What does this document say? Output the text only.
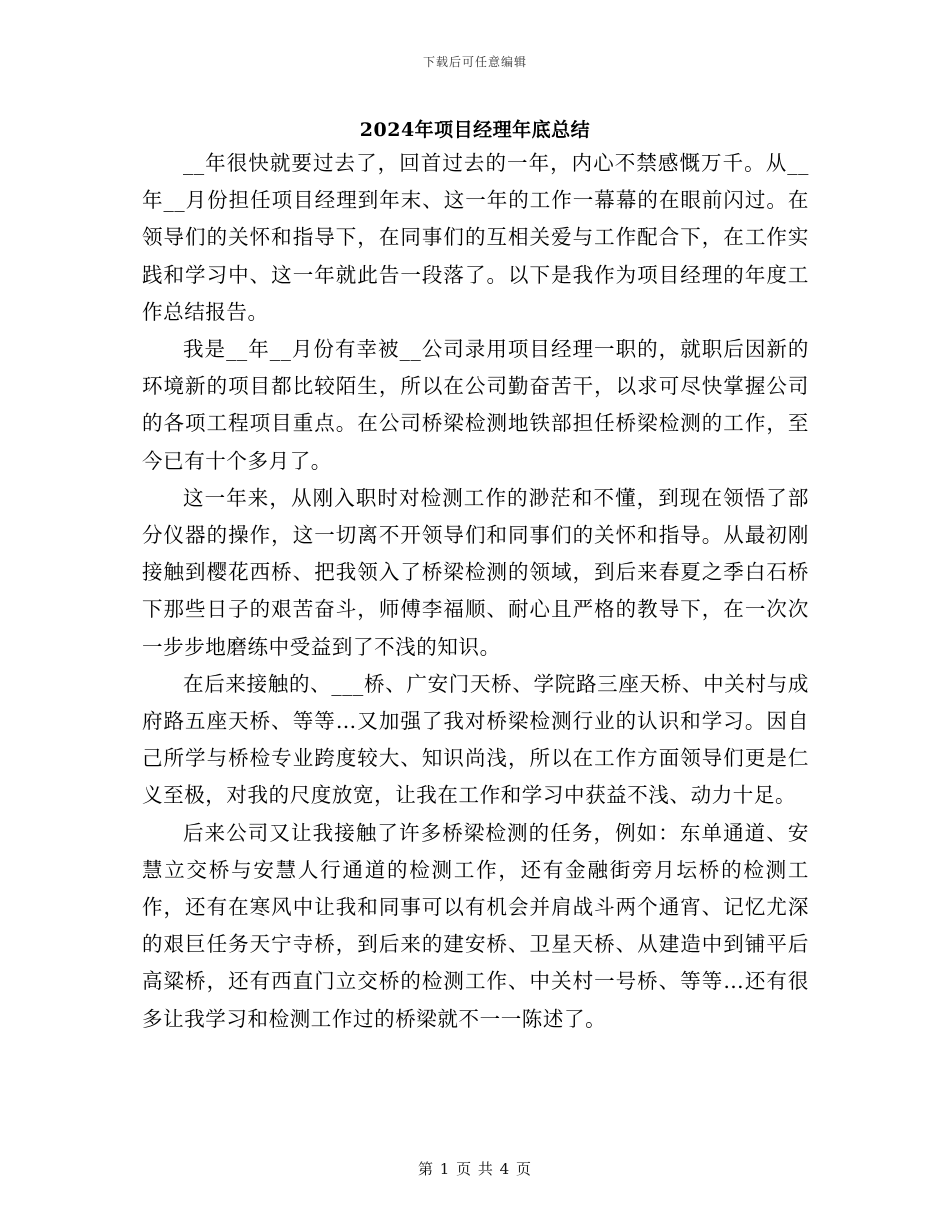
下载后可任意编辑
2024年项目经理年底总结

__年很快就要过去了，回首过去的一年，内心不禁感慨万千。从__年__月份担任项目经理到年末、这一年的工作一幕幕的在眼前闪过。在领导们的关怀和指导下，在同事们的互相关爱与工作配合下，在工作实践和学习中、这一年就此告一段落了。以下是我作为项目经理的年度工作总结报告。

我是__年__月份有幸被__公司录用项目经理一职的，就职后因新的环境新的项目都比较陌生，所以在公司勤奋苦干，以求可尽快掌握公司的各项工程项目重点。在公司桥梁检测地铁部担任桥梁检测的工作，至今已有十个多月了。

这一年来，从刚入职时对检测工作的渺茫和不懂，到现在领悟了部分仪器的操作，这一切离不开领导们和同事们的关怀和指导。从最初刚接触到樱花西桥、把我领入了桥梁检测的领域，到后来春夏之季白石桥下那些日子的艰苦奋斗，师傅李福顺、耐心且严格的教导下，在一次次一步步地磨练中受益到了不浅的知识。

在后来接触的、___桥、广安门天桥、学院路三座天桥、中关村与成府路五座天桥、等等…又加强了我对桥梁检测行业的认识和学习。因自己所学与桥检专业跨度较大、知识尚浅，所以在工作方面领导们更是仁义至极，对我的尺度放宽，让我在工作和学习中获益不浅、动力十足。

后来公司又让我接触了许多桥梁检测的任务，例如：东单通道、安慧立交桥与安慧人行通道的检测工作，还有金融街旁月坛桥的检测工作，还有在寒风中让我和同事可以有机会并肩战斗两个通宵、记忆尤深的艰巨任务天宁寺桥，到后来的建安桥、卫星天桥、从建造中到铺平后高粱桥，还有西直门立交桥的检测工作、中关村一号桥、等等…还有很多让我学习和检测工作过的桥梁就不一一陈述了。

第 1 页 共 4 页
